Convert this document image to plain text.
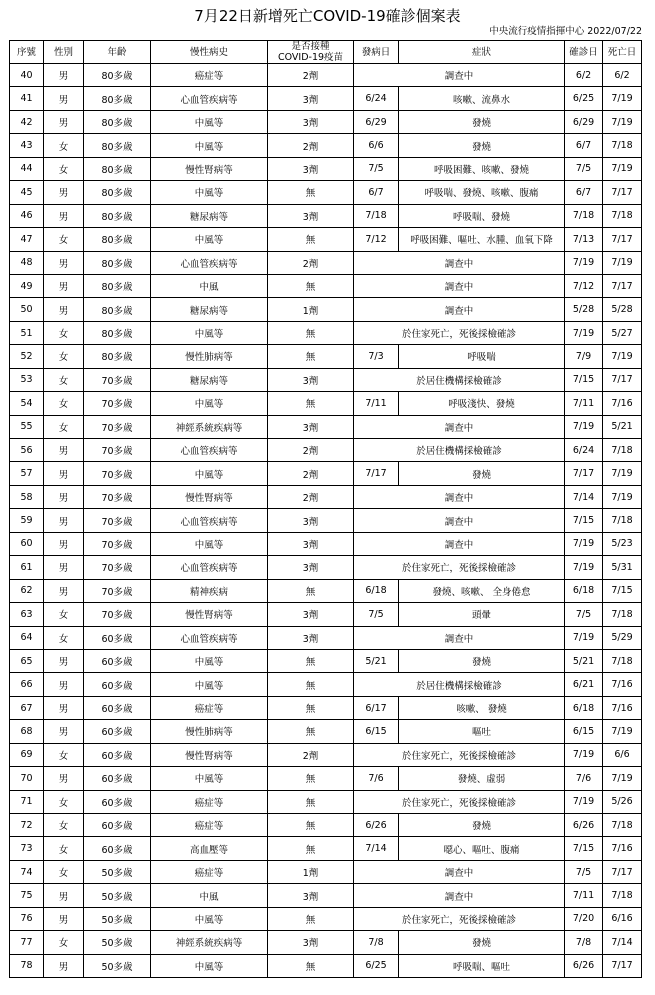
7月22日新增死亡COVID-19確診個案表
中央流行疫情指揮中心 2022/07/22
序號	性別	年齡	慢性病史	是否接種
COVID-19疫苗	發病日	症狀	確診日	死亡日
40	男	80多歲	癌症等	2劑	調查中		6/2	6/2
41	男	80多歲	心血管疾病等	3劑	6/24	咳嗽、流鼻水	6/25	7/19
42	男	80多歲	中風等	3劑	6/29	發燒	6/29	7/19
43	女	80多歲	中風等	2劑	6/6	發燒	6/7	7/18
44	女	80多歲	慢性腎病等	3劑	7/5	呼吸困難、咳嗽、發燒	7/5	7/19
45	男	80多歲	中風等	無	6/7	呼吸喘、發燒、咳嗽、腹痛	6/7	7/17
46	男	80多歲	糖尿病等	3劑	7/18	呼吸喘、發燒	7/18	7/18
47	女	80多歲	中風等	無	7/12	呼吸困難、嘔吐、水腫、血氧下降	7/13	7/17
48	男	80多歲	心血管疾病等	2劑	調查中		7/19	7/19
49	男	80多歲	中風	無	調查中		7/12	7/17
50	男	80多歲	糖尿病等	1劑	調查中		5/28	5/28
51	女	80多歲	中風等	無	於住家死亡，死後採檢確診		7/19	5/27
52	女	80多歲	慢性肺病等	無	7/3	呼吸喘	7/9	7/19
53	女	70多歲	糖尿病等	3劑	於居住機構採檢確診		7/15	7/17
54	女	70多歲	中風等	無	7/11	呼吸淺快、發燒	7/11	7/16
55	女	70多歲	神經系統疾病等	3劑	調查中		7/19	5/21
56	男	70多歲	心血管疾病等	2劑	於居住機構採檢確診		6/24	7/18
57	男	70多歲	中風等	2劑	7/17	發燒	7/17	7/19
58	男	70多歲	慢性腎病等	2劑	調查中		7/14	7/19
59	男	70多歲	心血管疾病等	3劑	調查中		7/15	7/18
60	男	70多歲	中風等	3劑	調查中		7/19	5/23
61	男	70多歲	心血管疾病等	3劑	於住家死亡，死後採檢確診		7/19	5/31
62	男	70多歲	精神疾病	無	6/18	發燒、咳嗽、 全身倦怠	6/18	7/15
63	女	70多歲	慢性腎病等	3劑	7/5	頭暈	7/5	7/18
64	女	60多歲	心血管疾病等	3劑	調查中		7/19	5/29
65	男	60多歲	中風等	無	5/21	發燒	5/21	7/18
66	男	60多歲	中風等	無	於居住機構採檢確診		6/21	7/16
67	男	60多歲	癌症等	無	6/17	咳嗽、 發燒	6/18	7/16
68	男	60多歲	慢性肺病等	無	6/15	嘔吐	6/15	7/19
69	女	60多歲	慢性腎病等	2劑	於住家死亡，死後採檢確診		7/19	6/6
70	男	60多歲	中風等	無	7/6	發燒、虛弱	7/6	7/19
71	女	60多歲	癌症等	無	於住家死亡，死後採檢確診		7/19	5/26
72	女	60多歲	癌症等	無	6/26	發燒	6/26	7/18
73	女	60多歲	高血壓等	無	7/14	噁心、嘔吐、腹痛	7/15	7/16
74	女	50多歲	癌症等	1劑	調查中		7/5	7/17
75	男	50多歲	中風	3劑	調查中		7/11	7/18
76	男	50多歲	中風等	無	於住家死亡，死後採檢確診		7/20	6/16
77	女	50多歲	神經系統疾病等	3劑	7/8	發燒	7/8	7/14
78	男	50多歲	中風等	無	6/25	呼吸喘、嘔吐	6/26	7/17
